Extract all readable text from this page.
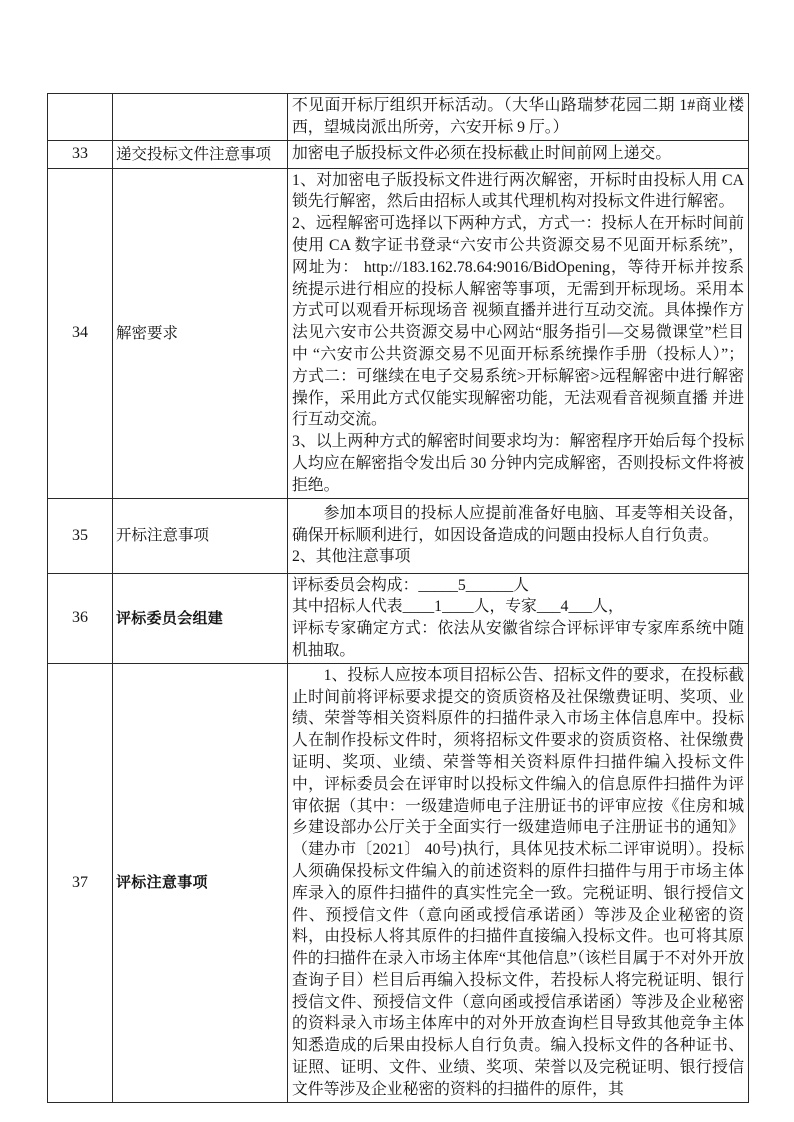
		不见面开标厅组织开标活动。（大华山路瑞梦花园二期 1#商业楼西，望城岗派出所旁，六安开标 9 厅。）

33	递交投标文件注意事项	加密电子版投标文件必须在投标截止时间前网上递交。

34	解密要求	1、对加密电子版投标文件进行两次解密，开标时由投标人用 CA 锁先行解密，然后由招标人或其代理机构对投标文件进行解密。
2、远程解密可选择以下两种方式，方式一：投标人在开标时间前使用 CA 数字证书登录“六安市公共资源交易不见面开标系统”，网址为： http://183.162.78.64:9016/BidOpening，等待开标并按系统提示进行相应的投标人解密等事项，无需到开标现场。采用本方式可以观看开标现场音 视频直播并进行互动交流。具体操作方法见六安市公共资源交易中心网站“服务指引—交易微课堂”栏目中 “六安市公共资源交易不见面开标系统操作手册（投标人）”；方式二：可继续在电子交易系统>开标解密>远程解密中进行解密操作，采用此方式仅能实现解密功能，无法观看音视频直播 并进行互动交流。
3、以上两种方式的解密时间要求均为：解密程序开始后每个投标人均应在解密指令发出后 30 分钟内完成解密，否则投标文件将被拒绝。

35	开标注意事项	参加本项目的投标人应提前准备好电脑、耳麦等相关设备，确保开标顺利进行，如因设备造成的问题由投标人自行负责。
2、其他注意事项

36	评标委员会组建	评标委员会构成：_____5______人
其中招标人代表____1____人，专家___4___人，
评标专家确定方式：依法从安徽省综合评标评审专家库系统中随机抽取。

37	评标注意事项	1、投标人应按本项目招标公告、招标文件的要求，在投标截止时间前将评标要求提交的资质资格及社保缴费证明、奖项、业绩、荣誉等相关资料原件的扫描件录入市场主体信息库中。投标人在制作投标文件时，须将招标文件要求的资质资格、社保缴费证明、奖项、业绩、荣誉等相关资料原件扫描件编入投标文件中，评标委员会在评审时以投标文件编入的信息原件扫描件为评审依据（其中：一级建造师电子注册证书的评审应按《住房和城乡建设部办公厅关于全面实行一级建造师电子注册证书的通知》（建办市〔2021〕 40号)执行，具体见技术标二评审说明）。投标人须确保投标文件编入的前述资料的原件扫描件与用于市场主体库录入的原件扫描件的真实性完全一致。完税证明、银行授信文件、预授信文件（意向函或授信承诺函）等涉及企业秘密的资料，由投标人将其原件的扫描件直接编入投标文件。也可将其原件的扫描件在录入市场主体库“其他信息”（该栏目属于不对外开放查询子目）栏目后再编入投标文件，若投标人将完税证明、银行授信文件、预授信文件（意向函或授信承诺函）等涉及企业秘密的资料录入市场主体库中的对外开放查询栏目导致其他竞争主体知悉造成的后果由投标人自行负责。编入投标文件的各种证书、证照、证明、文件、业绩、奖项、荣誉以及完税证明、银行授信文件等涉及企业秘密的资料的扫描件的原件，其
